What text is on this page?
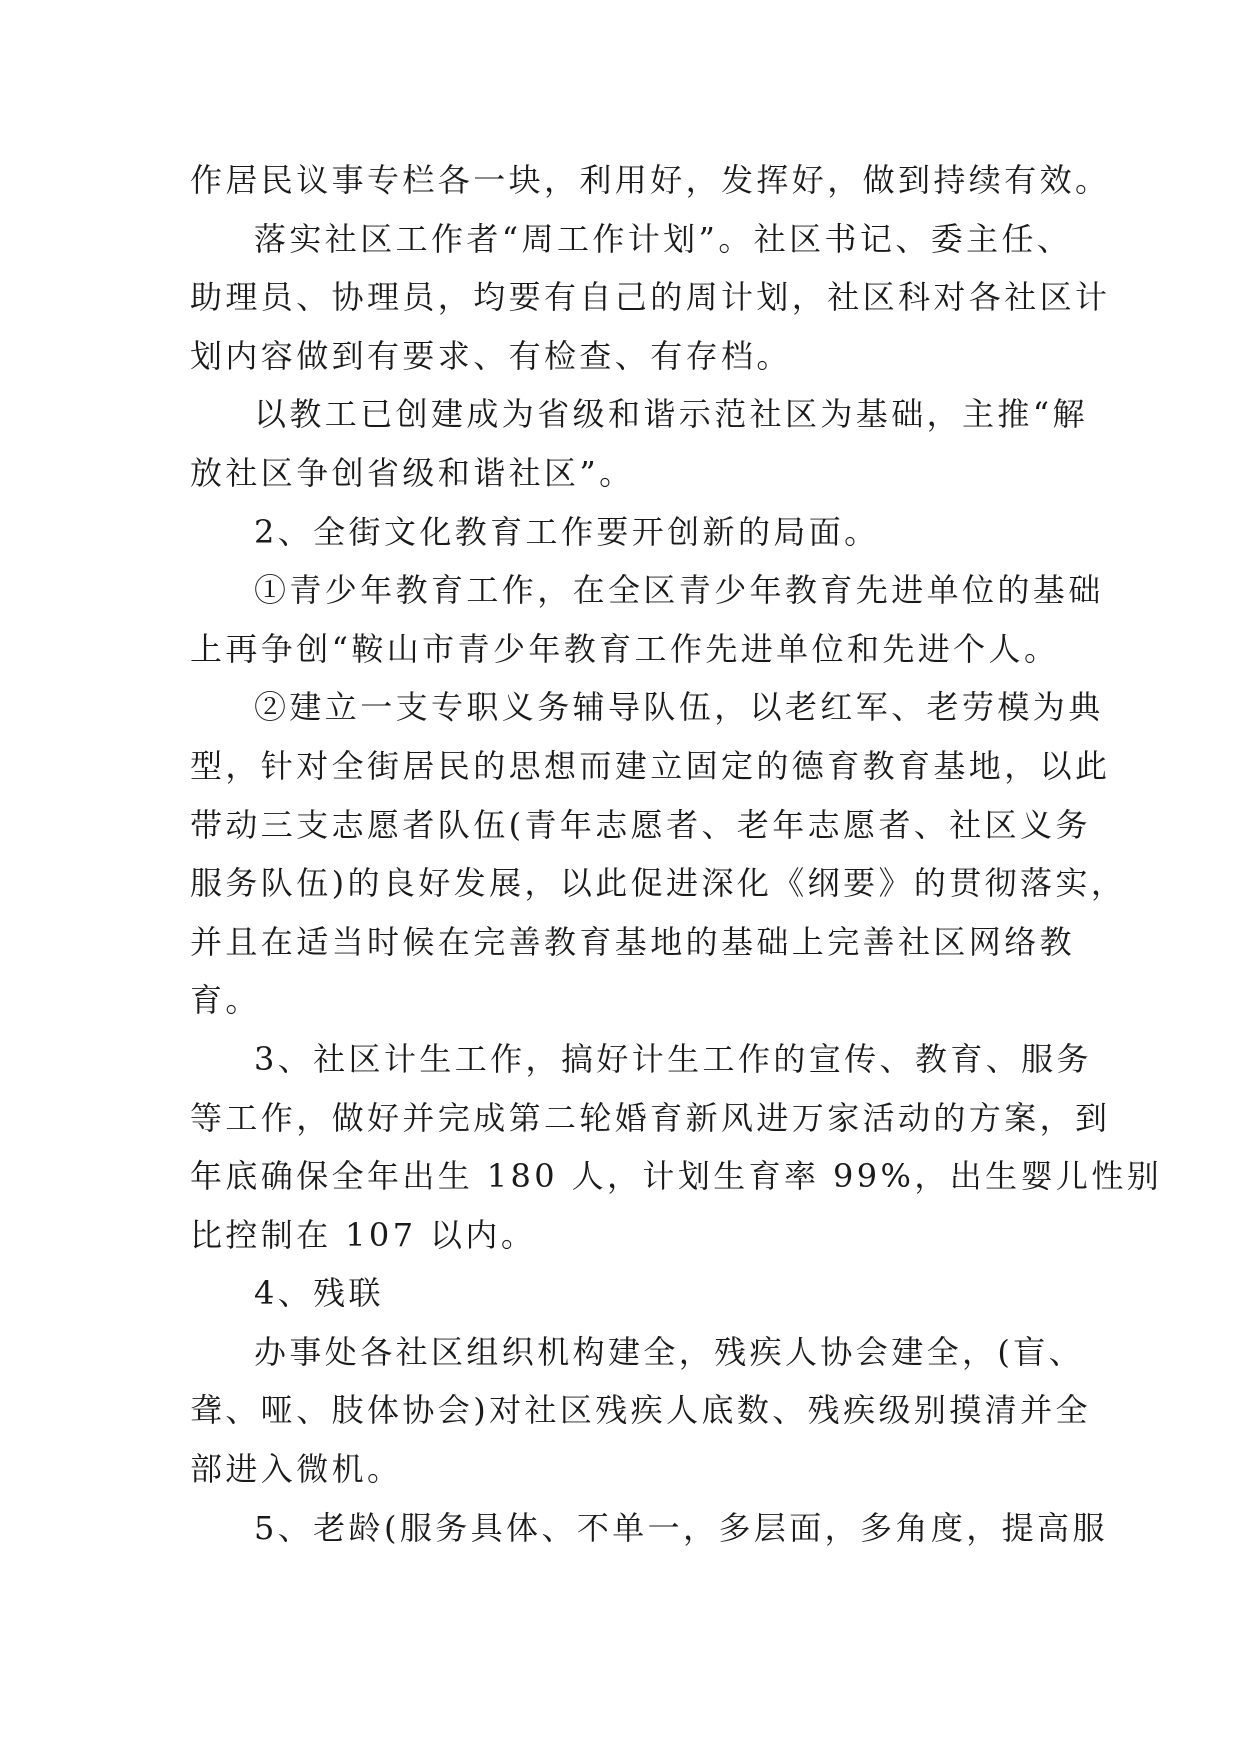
作居民议事专栏各一块，利用好，发挥好，做到持续有效。
落实社区工作者“周工作计划”。社区书记、委主任、
助理员、协理员，均要有自己的周计划，社区科对各社区计
划内容做到有要求、有检查、有存档。
以教工已创建成为省级和谐示范社区为基础，主推“解
放社区争创省级和谐社区”。
2、全街文化教育工作要开创新的局面。
①青少年教育工作，在全区青少年教育先进单位的基础
上再争创“鞍山市青少年教育工作先进单位和先进个人。
②建立一支专职义务辅导队伍，以老红军、老劳模为典
型，针对全街居民的思想而建立固定的德育教育基地，以此
带动三支志愿者队伍(青年志愿者、老年志愿者、社区义务
服务队伍)的良好发展，以此促进深化《纲要》的贯彻落实，
并且在适当时候在完善教育基地的基础上完善社区网络教
育。
3、社区计生工作，搞好计生工作的宣传、教育、服务
等工作，做好并完成第二轮婚育新风进万家活动的方案，到
年底确保全年出生 180 人，计划生育率 99%，出生婴儿性别
比控制在 107 以内。
4、残联
办事处各社区组织机构建全，残疾人协会建全，(盲、
聋、哑、肢体协会)对社区残疾人底数、残疾级别摸清并全
部进入微机。
5、老龄(服务具体、不单一，多层面，多角度，提高服
